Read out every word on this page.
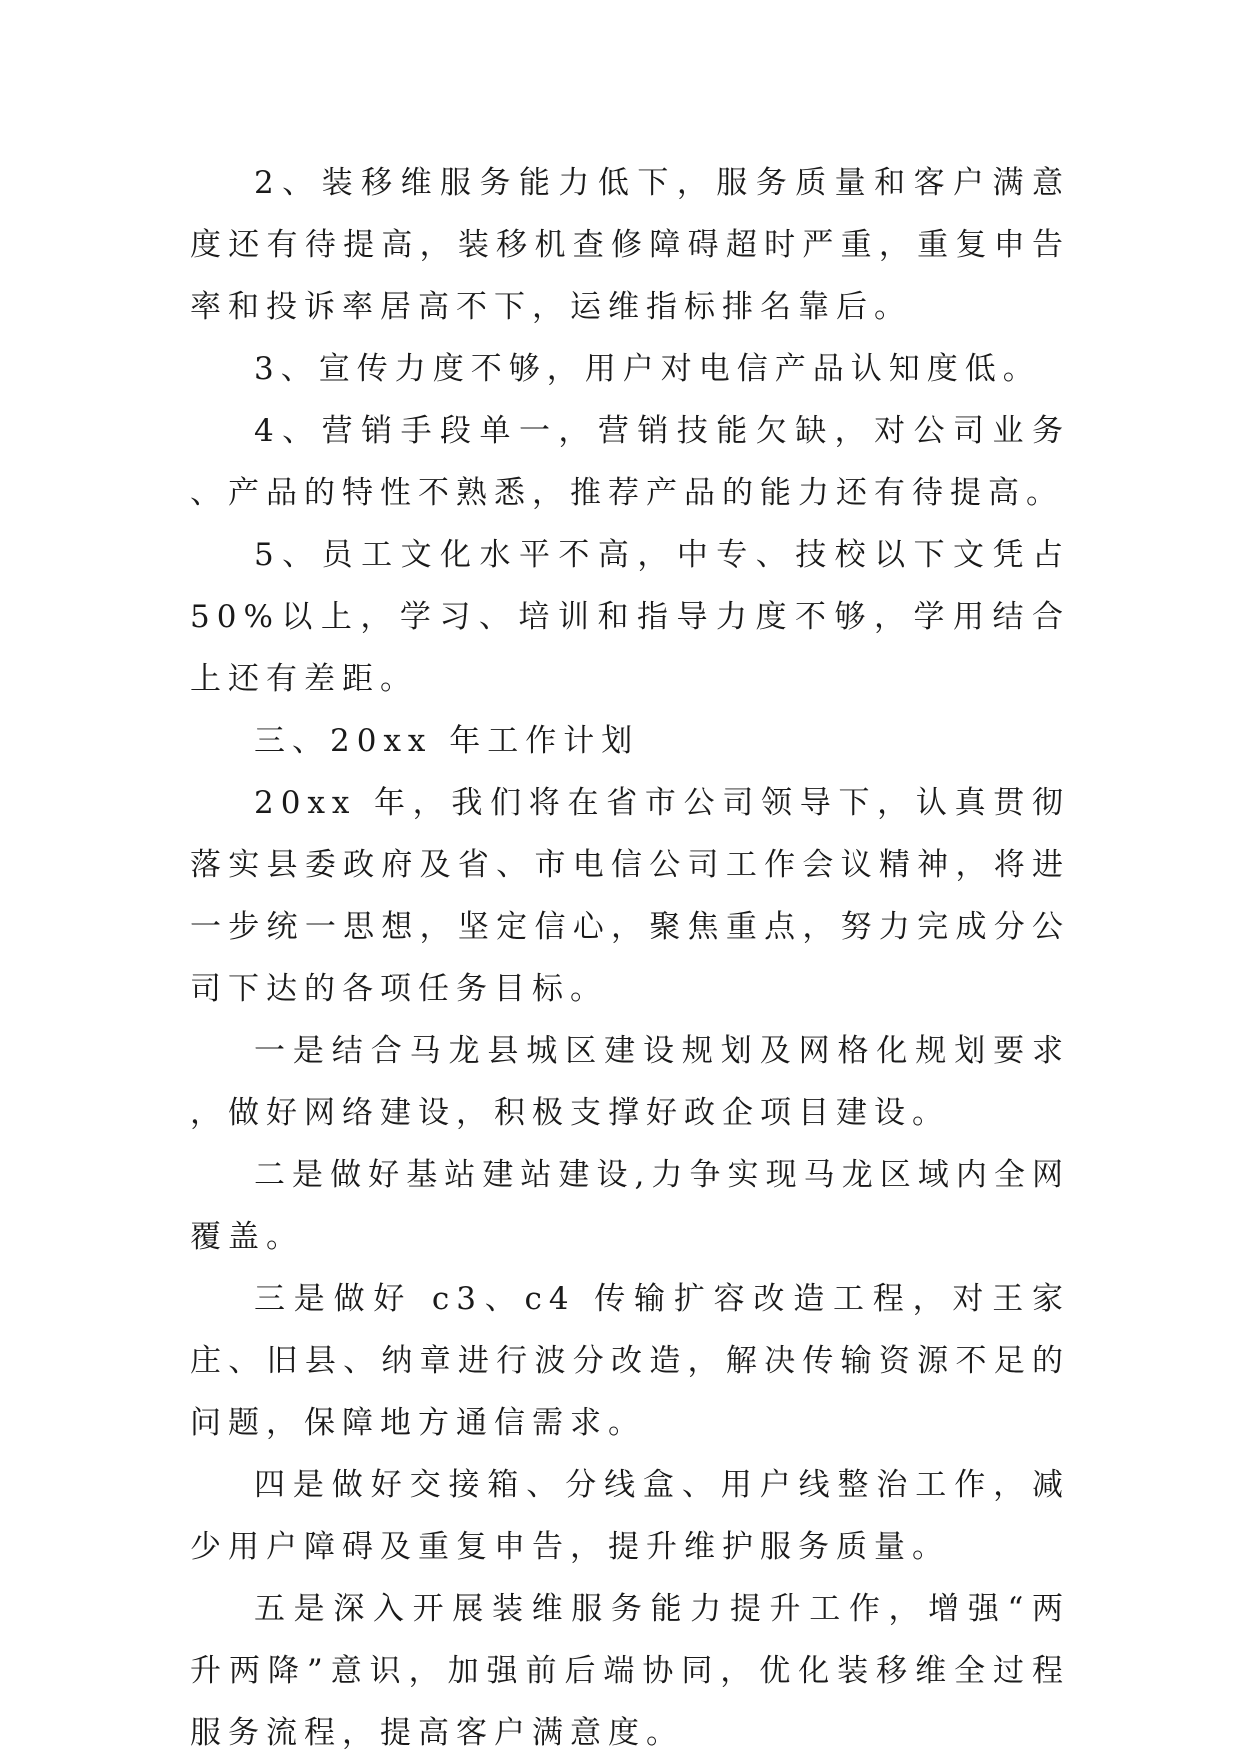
2、装移维服务能力低下，服务质量和客户满意度还有待提高，装移机查修障碍超时严重，重复申告率和投诉率居高不下，运维指标排名靠后。

3、宣传力度不够，用户对电信产品认知度低。

4、营销手段单一，营销技能欠缺，对公司业务、产品的特性不熟悉，推荐产品的能力还有待提高。

5、员工文化水平不高，中专、技校以下文凭占 50%以上，学习、培训和指导力度不够，学用结合上还有差距。

三、20xx 年工作计划

20xx 年，我们将在省市公司领导下，认真贯彻落实县委政府及省、市电信公司工作会议精神，将进一步统一思想，坚定信心，聚焦重点，努力完成分公司下达的各项任务目标。

一是结合马龙县城区建设规划及网格化规划要求，做好网络建设，积极支撑好政企项目建设。

二是做好基站建站建设,力争实现马龙区域内全网覆盖。

三是做好 c3、c4 传输扩容改造工程，对王家庄、旧县、纳章进行波分改造，解决传输资源不足的问题，保障地方通信需求。

四是做好交接箱、分线盒、用户线整治工作，减少用户障碍及重复申告，提升维护服务质量。

五是深入开展装维服务能力提升工作，增强“两升两降”意识，加强前后端协同，优化装移维全过程服务流程，提高客户满意度。
